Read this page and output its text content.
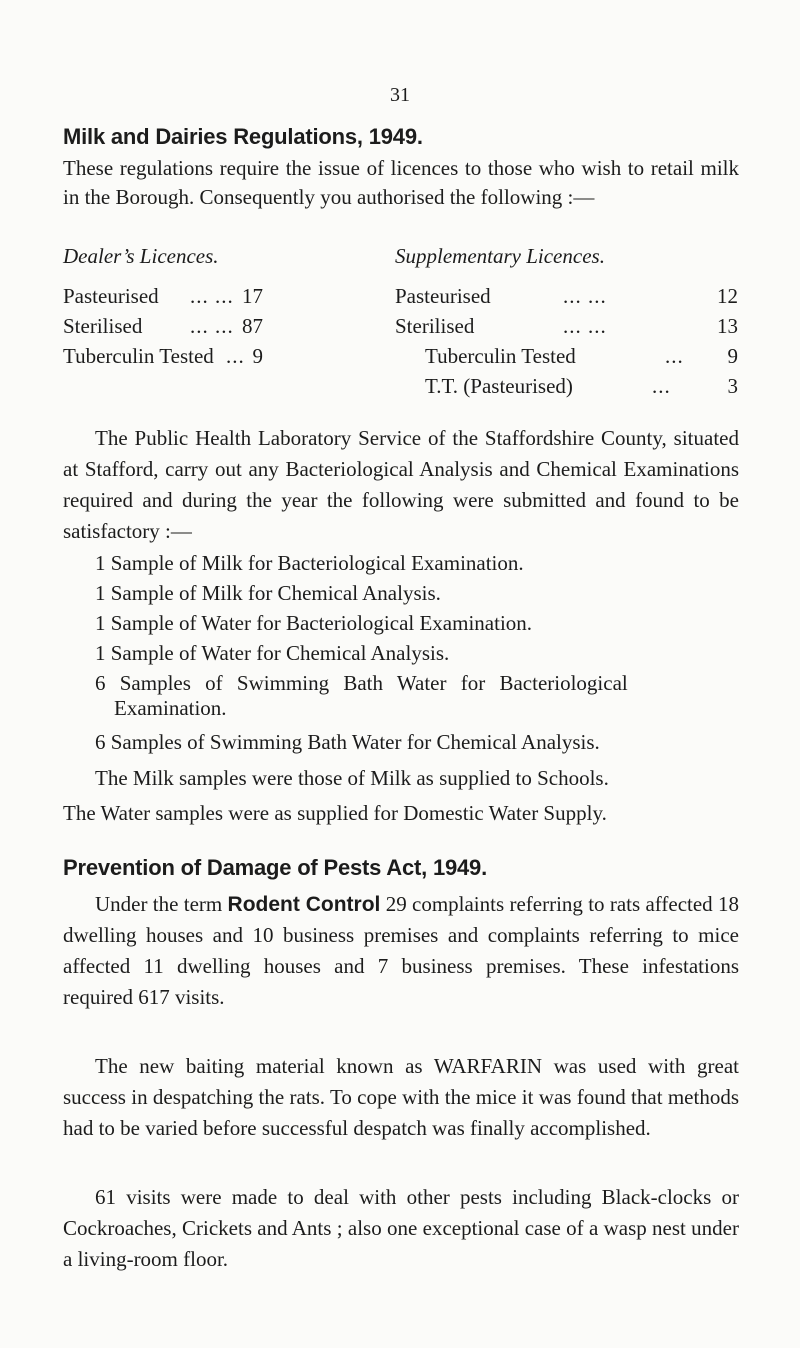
31
Milk and Dairies Regulations, 1949.
These regulations require the issue of licences to those who wish to retail milk in the Borough. Consequently you authorised the following :—
Dealer’s Licences.
Pasteurised ... ... 17
Sterilised ... ... 87
Tuberculin Tested ... 9
Supplementary Licences.
Pasteurised	... ...	12
Sterilised	... ...	13
Tuberculin Tested	...	9
T.T. (Pasteurised)	...	3
The Public Health Laboratory Service of the Staffordshire County, situated at Stafford, carry out any Bacteriological Analysis and Chemical Examinations required and during the year the following were submitted and found to be satisfactory :—
1 Sample of Milk for Bacteriological Examination.
1 Sample of Milk for Chemical Analysis.
1 Sample of Water for Bacteriological Examination.
1 Sample of Water for Chemical Analysis.
6 Samples of Swimming Bath Water for Bacteriological
Examination.
6 Samples of Swimming Bath Water for Chemical Analysis.
The Milk samples were those of Milk as supplied to Schools.
The Water samples were as supplied for Domestic Water Supply.
Prevention of Damage of Pests Act, 1949.
Under the term Rodent Control 29 complaints referring to rats affected 18 dwelling houses and 10 business premises and complaints referring to mice affected 11 dwelling houses and 7 business premises. These infestations required 617 visits.
The new baiting material known as WARFARIN was used with great success in despatching the rats. To cope with the mice it was found that methods had to be varied before successful despatch was finally accomplished.
61 visits were made to deal with other pests including Black-clocks or Cockroaches, Crickets and Ants ; also one exceptional case of a wasp nest under a living-room floor.
